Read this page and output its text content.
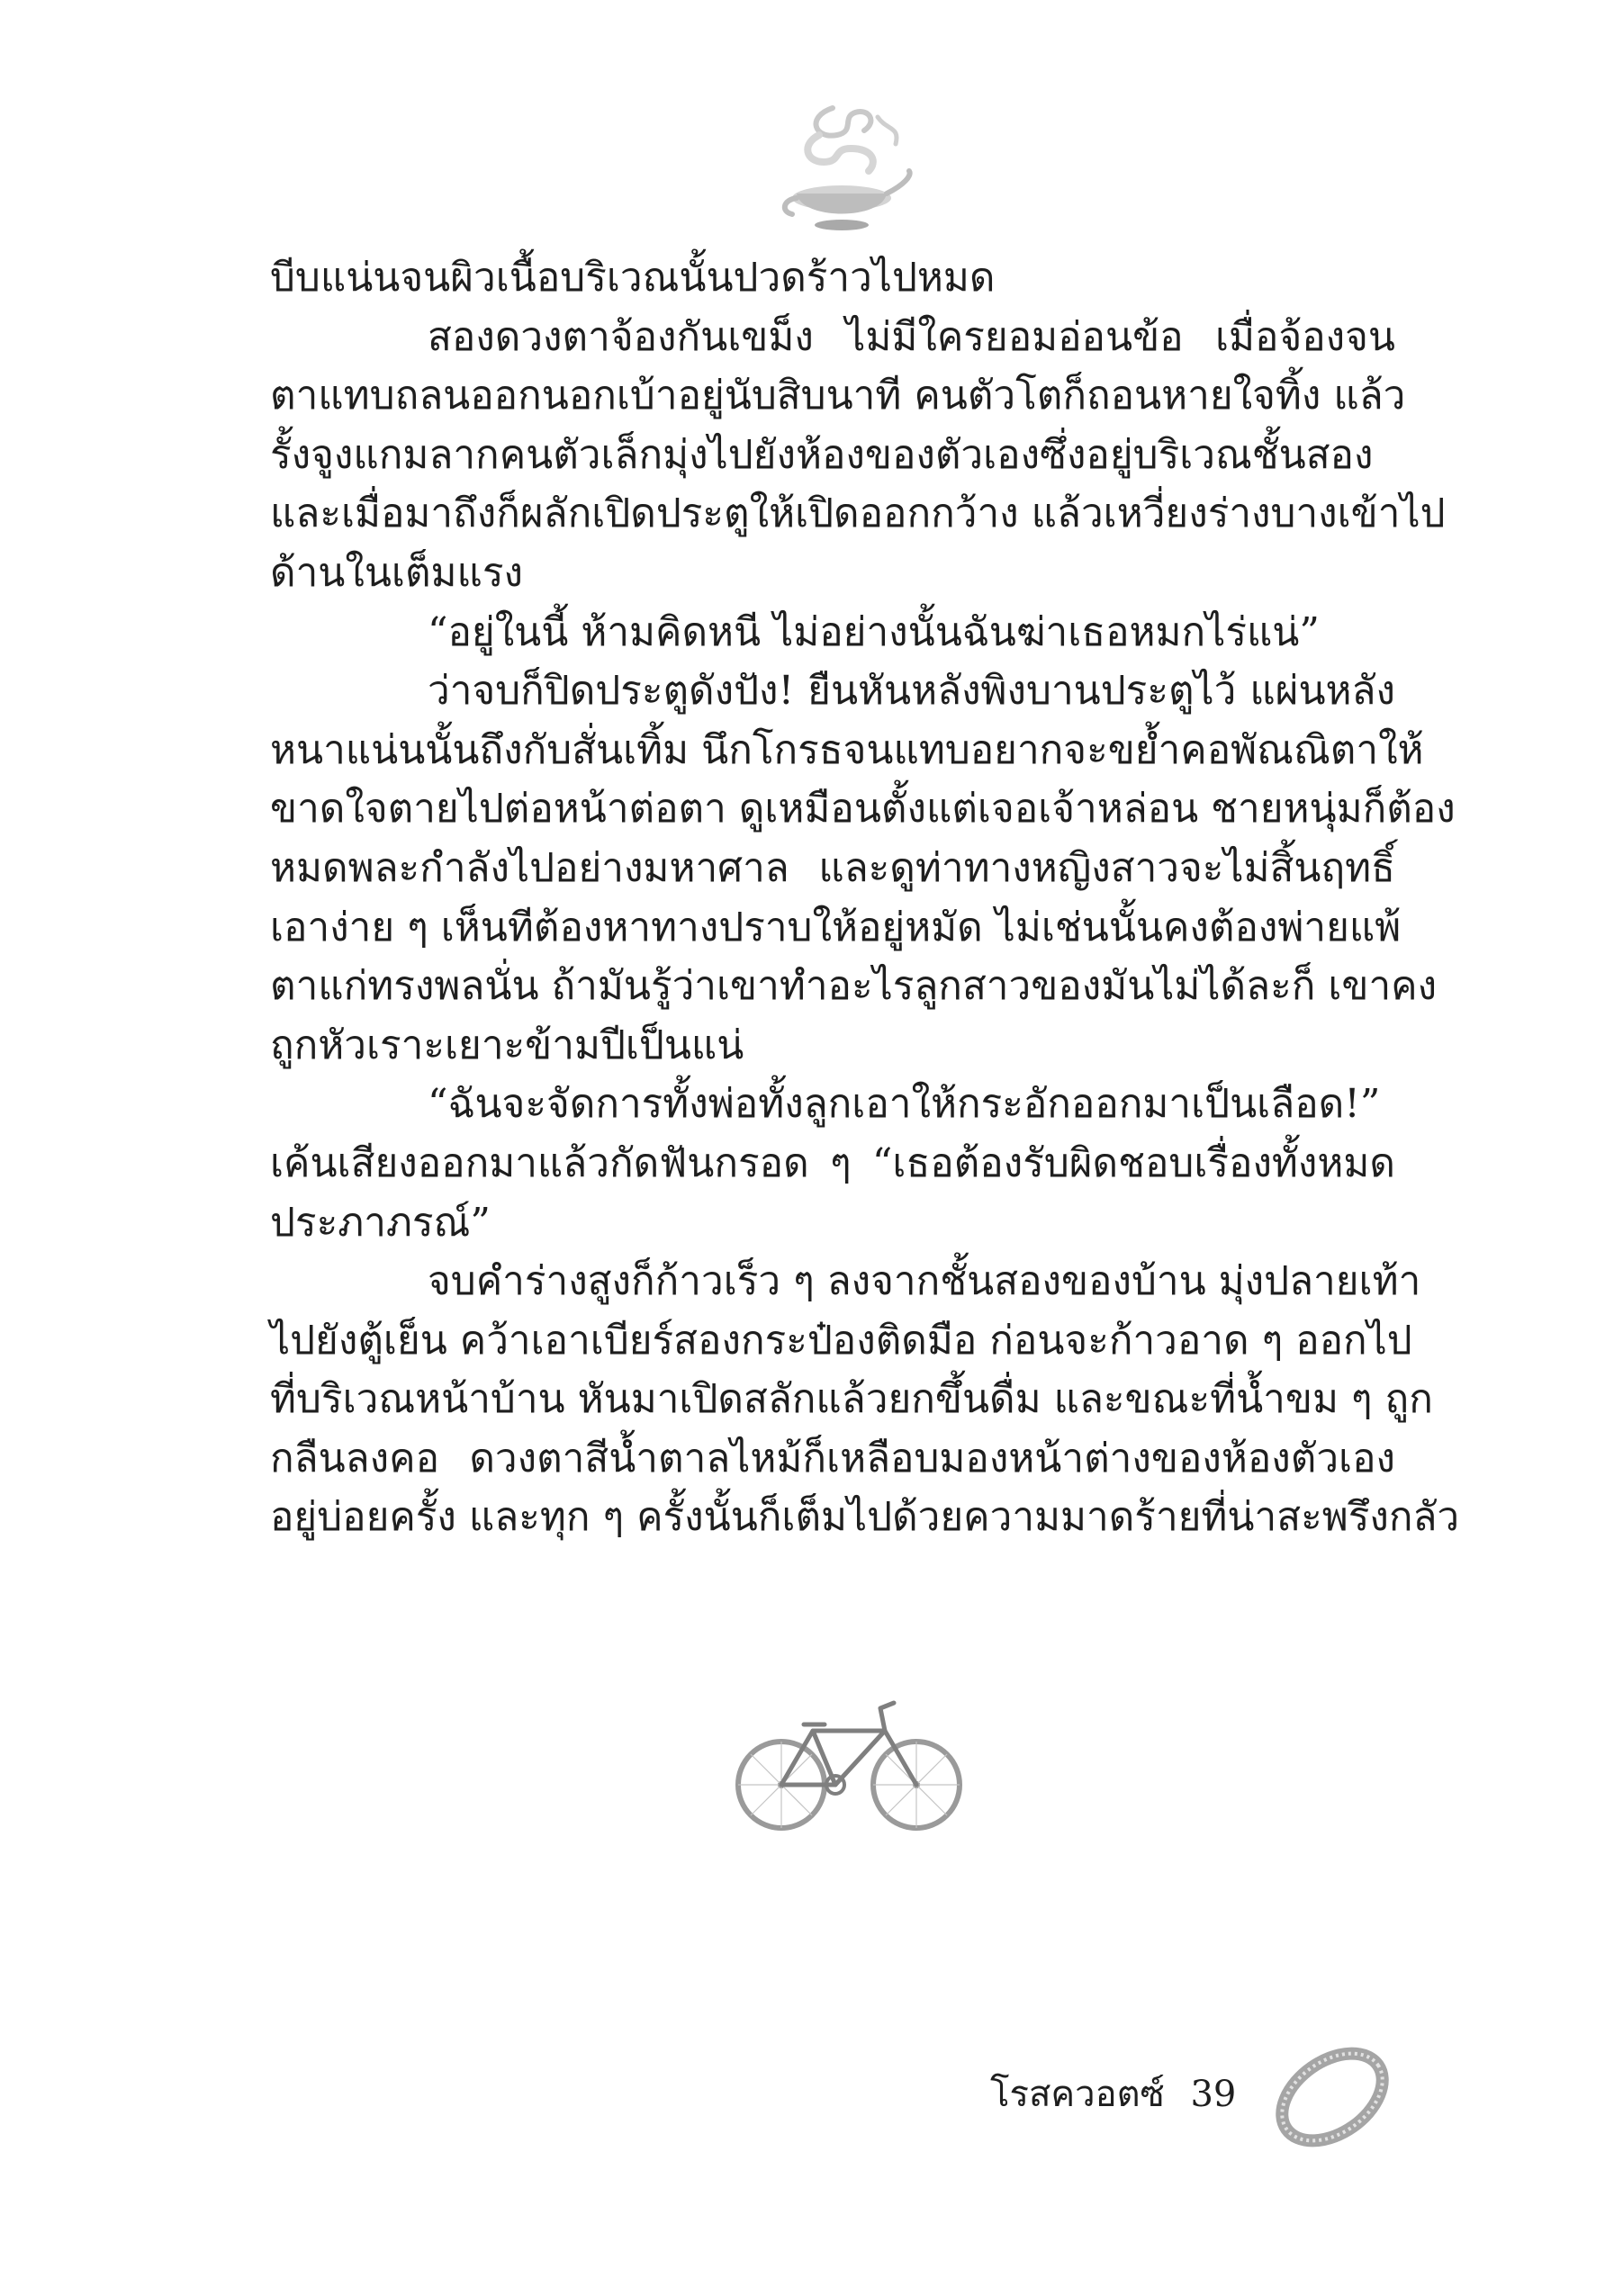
บีบแน่นจนผิวเนื้อบริเวณนั้นปวดร้าวไปหมด
สองดวงตาจ้องกันเขม็ง ไม่มีใครยอมอ่อนข้อ เมื่อจ้องจน
ตาแทบถลนออกนอกเบ้าอยู่นับสิบนาที คนตัวโตก็ถอนหายใจทิ้ง แล้ว
รั้งจูงแกมลากคนตัวเล็กมุ่งไปยังห้องของตัวเองซึ่งอยู่บริเวณชั้นสอง
และเมื่อมาถึงก็ผลักเปิดประตูให้เปิดออกกว้าง แล้วเหวี่ยงร่างบางเข้าไป
ด้านในเต็มแรง
“อยู่ในนี้ ห้ามคิดหนี ไม่อย่างนั้นฉันฆ่าเธอหมกไร่แน่”
ว่าจบก็ปิดประตูดังปัง! ยืนหันหลังพิงบานประตูไว้ แผ่นหลัง
หนาแน่นนั้นถึงกับสั่นเทิ้ม นึกโกรธจนแทบอยากจะขย้ำคอพัณณิตาให้
ขาดใจตายไปต่อหน้าต่อตา ดูเหมือนตั้งแต่เจอเจ้าหล่อน ชายหนุ่มก็ต้อง
หมดพละกำลังไปอย่างมหาศาล และดูท่าทางหญิงสาวจะไม่สิ้นฤทธิ์
เอาง่าย ๆ เห็นทีต้องหาทางปราบให้อยู่หมัด ไม่เช่นนั้นคงต้องพ่ายแพ้
ตาแก่ทรงพลนั่น ถ้ามันรู้ว่าเขาทำอะไรลูกสาวของมันไม่ได้ละก็ เขาคง
ถูกหัวเราะเยาะข้ามปีเป็นแน่
“ฉันจะจัดการทั้งพ่อทั้งลูกเอาให้กระอักออกมาเป็นเลือด!”
เค้นเสียงออกมาแล้วกัดฟันกรอด ๆ “เธอต้องรับผิดชอบเรื่องทั้งหมด
ประภาภรณ์”
จบคำร่างสูงก็ก้าวเร็ว ๆ ลงจากชั้นสองของบ้าน มุ่งปลายเท้า
ไปยังตู้เย็น คว้าเอาเบียร์สองกระป๋องติดมือ ก่อนจะก้าวอาด ๆ ออกไป
ที่บริเวณหน้าบ้าน หันมาเปิดสลักแล้วยกขึ้นดื่ม และขณะที่น้ำขม ๆ ถูก
กลืนลงคอ ดวงตาสีน้ำตาลไหม้ก็เหลือบมองหน้าต่างของห้องตัวเอง
อยู่บ่อยครั้ง และทุก ๆ ครั้งนั้นก็เต็มไปด้วยความมาดร้ายที่น่าสะพรึงกลัว
โรสควอตซ์ 39
